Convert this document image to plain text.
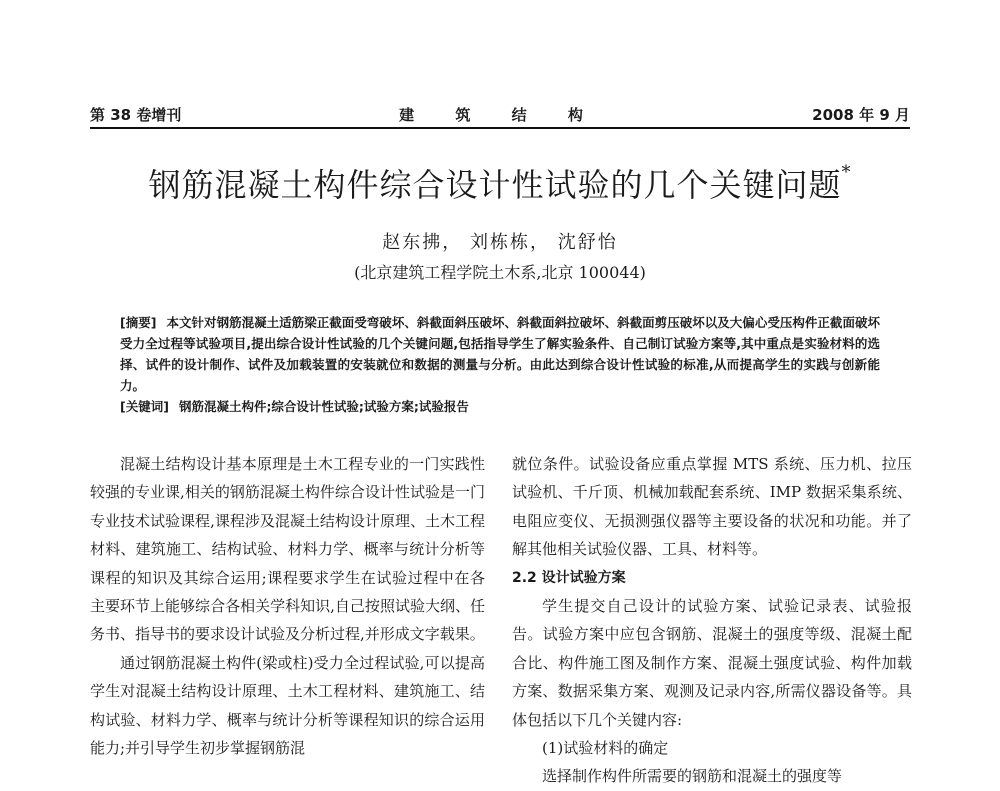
第 38 卷增刊	建 筑 结 构	2008 年 9 月
钢筋混凝土构件综合设计性试验的几个关键问题*
赵东拂， 刘栋栋， 沈舒怡
(北京建筑工程学院土木系,北京 100044)

[摘要] 本文针对钢筋混凝土适筋梁正截面受弯破坏、斜截面斜压破坏、斜截面斜拉破坏、斜截面剪压破坏以及大偏心受压构件正截面破坏受力全过程等试验项目,提出综合设计性试验的几个关键问题,包括指导学生了解实验条件、自己制订试验方案等,其中重点是实验材料的选择、试件的设计制作、试件及加载装置的安装就位和数据的测量与分析。由此达到综合设计性试验的标准,从而提高学生的实践与创新能力。

[关键词] 钢筋混凝土构件;综合设计性试验;试验方案;试验报告

混凝土结构设计基本原理是土木工程专业的一门实践性较强的专业课,相关的钢筋混凝土构件综合设计性试验是一门专业技术试验课程,课程涉及混凝土结构设计原理、土木工程材料、建筑施工、结构试验、材料力学、概率与统计分析等课程的知识及其综合运用;课程要求学生在试验过程中在各主要环节上能够综合各相关学科知识,自己按照试验大纲、任务书、指导书的要求设计试验及分析过程,并形成文字载果。

通过钢筋混凝土构件(梁或柱)受力全过程试验,可以提高学生对混凝土结构设计原理、土木工程材料、建筑施工、结构试验、材料力学、概率与统计分析等课程知识的综合运用能力;并引导学生初步掌握钢筋混

就位条件。试验设备应重点掌握 MTS 系统、压力机、拉压试验机、千斤顶、机械加载配套系统、IMP 数据采集系统、电阻应变仪、无损测强仪器等主要设备的状况和功能。并了解其他相关试验仪器、工具、材料等。

2.2 设计试验方案

学生提交自己设计的试验方案、试验记录表、试验报告。试验方案中应包含钢筋、混凝土的强度等级、混凝土配合比、构件施工图及制作方案、混凝土强度试验、构件加载方案、数据采集方案、观测及记录内容,所需仪器设备等。具体包括以下几个关键内容:

(1)试验材料的确定

选择制作构件所需要的钢筋和混凝土的强度等
